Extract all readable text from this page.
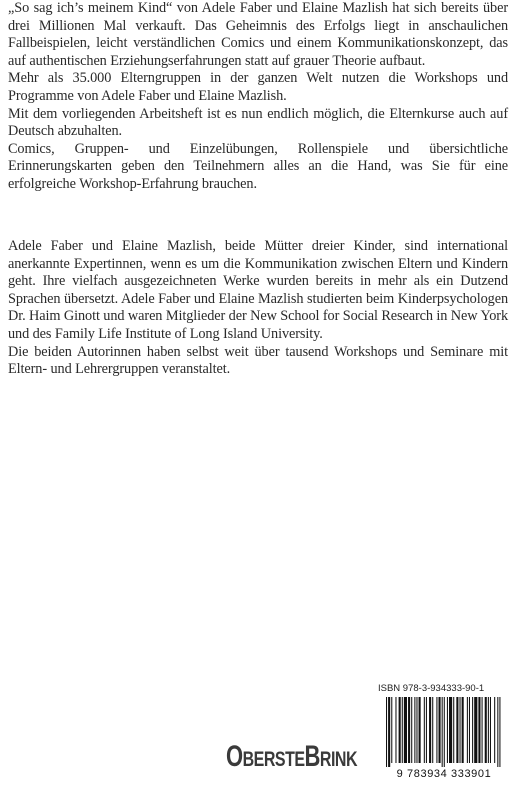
„So sag ich’s meinem Kind“ von Adele Faber und Elaine Mazlish hat sich bereits über drei Millionen Mal verkauft. Das Geheimnis des Erfolgs liegt in anschaulichen Fallbeispielen, leicht verständlichen Comics und einem Kommunikationskonzept, das auf authentischen Erziehungserfahrungen statt auf grauer Theorie aufbaut.

Mehr als 35.000 Elterngruppen in der ganzen Welt nutzen die Workshops und Programme von Adele Faber und Elaine Mazlish.

Mit dem vorliegenden Arbeitsheft ist es nun endlich möglich, die Elternkurse auch auf Deutsch abzuhalten.

Comics, Gruppen- und Einzelübungen, Rollenspiele und übersichtliche Erinnerungskarten geben den Teilnehmern alles an die Hand, was Sie für eine erfolgreiche Workshop-Erfahrung brauchen.

Adele Faber und Elaine Mazlish, beide Mütter dreier Kinder, sind international anerkannte Expertinnen, wenn es um die Kommunikation zwischen Eltern und Kindern geht. Ihre vielfach ausgezeichneten Werke wurden bereits in mehr als ein Dutzend Sprachen übersetzt. Adele Faber und Elaine Mazlish studierten beim Kinderpsychologen Dr. Haim Ginott und waren Mitglieder der New School for Social Research in New York und des Family Life Institute of Long Island University.

Die beiden Autorinnen haben selbst weit über tausend Workshops und Seminare mit Eltern- und Lehrergruppen veranstaltet.

ISBN 978-3-934333-90-1
9 783934 333901
OBERSTEBRINK
